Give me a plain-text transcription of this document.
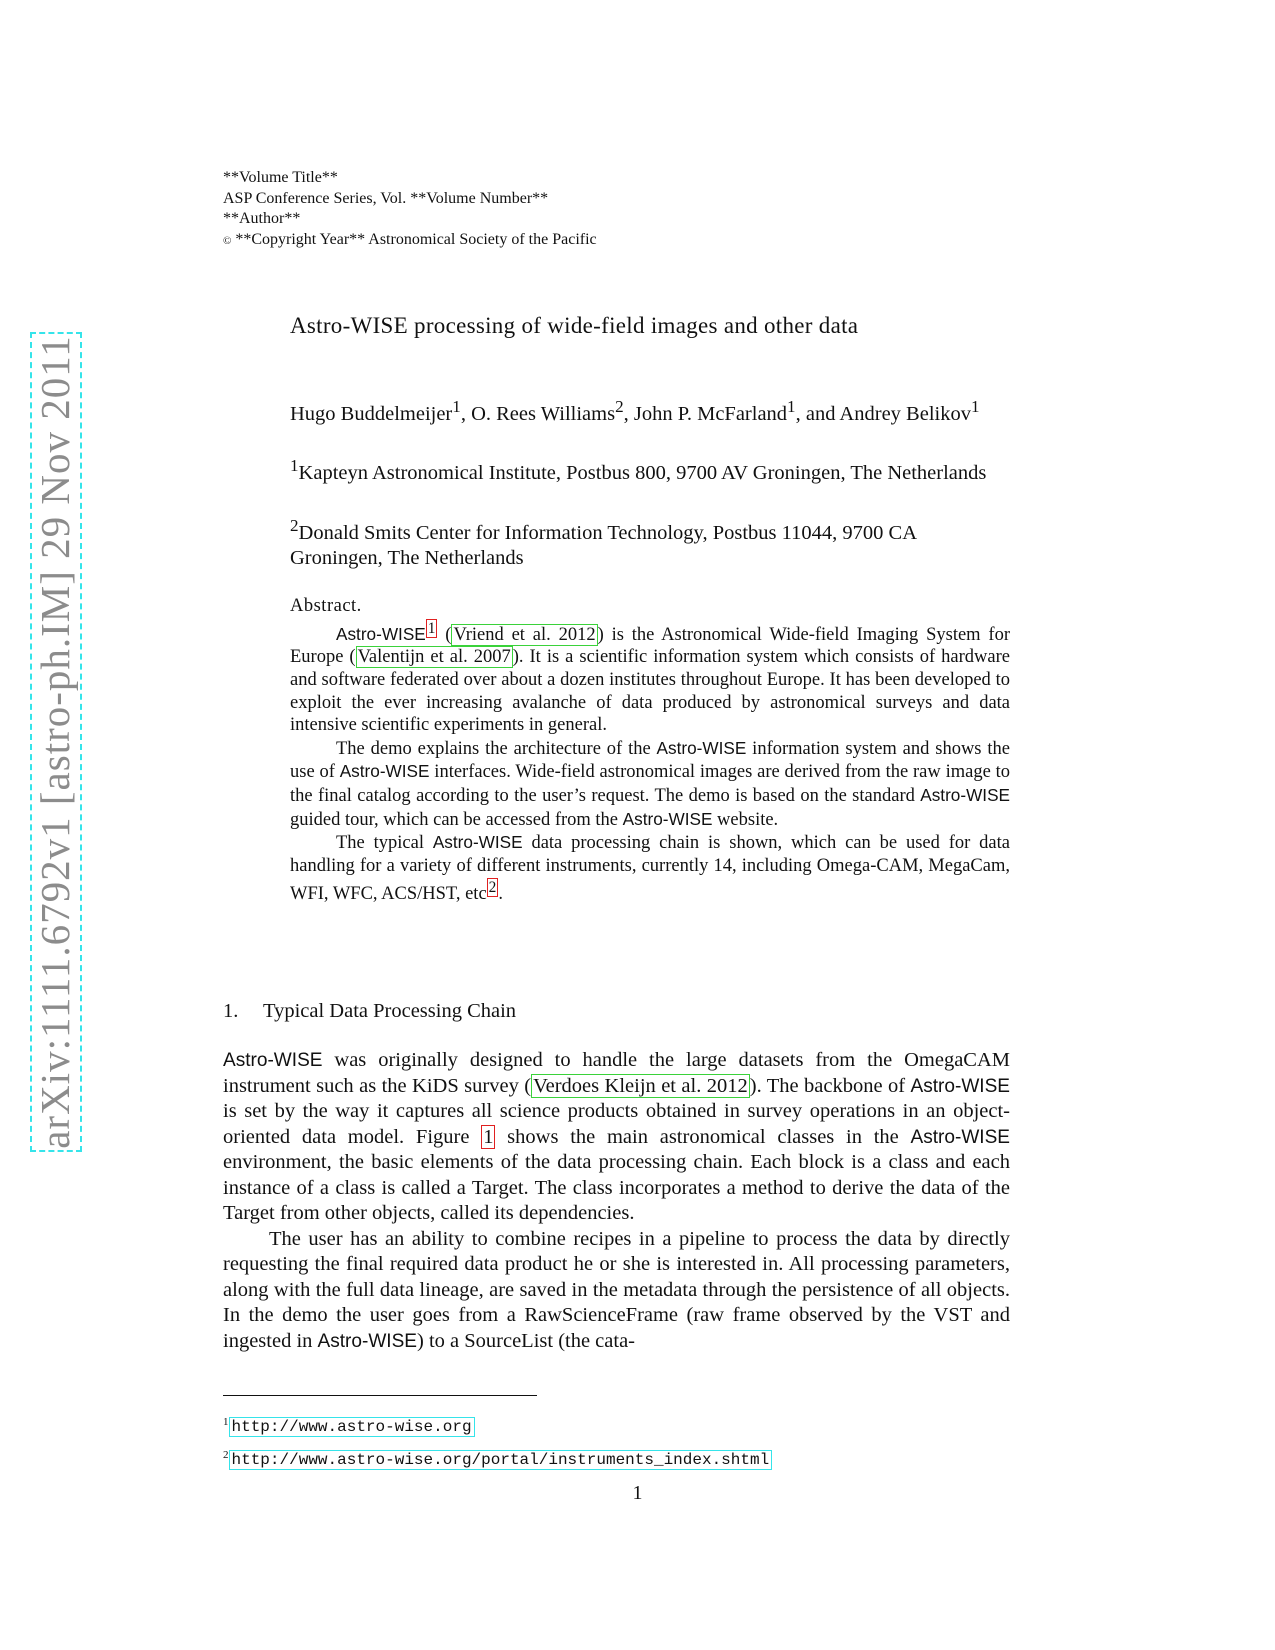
**Volume Title**
ASP Conference Series, Vol. **Volume Number**
**Author**
© **Copyright Year** Astronomical Society of the Pacific
arXiv:1111.6792v1 [astro-ph.IM] 29 Nov 2011
Astro-WISE processing of wide-field images and other data
Hugo Buddelmeijer$^1$, O. Rees Williams$^2$, John P. McFarland$^1$, and Andrey Belikov$^1$
$^1$Kapteyn Astronomical Institute, Postbus 800, 9700 AV Groningen, The Netherlands
$^2$Donald Smits Center for Information Technology, Postbus 11044, 9700 CA Groningen, The Netherlands
Abstract.

Astro-WISE $^1$ ( Vriend et al. 2012 ) is the Astronomical Wide-field Imaging System for Europe ( Valentijn et al. 2007 ). It is a scientific information system which consists of hardware and software federated over about a dozen institutes throughout Europe. It has been developed to exploit the ever increasing avalanche of data produced by astronomical surveys and data intensive scientific experiments in general.

The demo explains the architecture of the Astro-WISE information system and shows the use of Astro-WISE interfaces. Wide-field astronomical images are derived from the raw image to the final catalog according to the user’s request. The demo is based on the standard Astro-WISE guided tour, which can be accessed from the Astro-WISE website.

The typical Astro-WISE data processing chain is shown, which can be used for data handling for a variety of different instruments, currently 14, including Omega-CAM, MegaCam, WFI, WFC, ACS/HST, etc $^2$ .

1. Typical Data Processing Chain

Astro-WISE was originally designed to handle the large datasets from the OmegaCAM instrument such as the KiDS survey (Verdoes Kleijn et al. 2012). The backbone of Astro-WISE is set by the way it captures all science products obtained in survey operations in an object-oriented data model. Figure 1 shows the main astronomical classes in the Astro-WISE environment, the basic elements of the data processing chain. Each block is a class and each instance of a class is called a Target. The class incorporates a method to derive the data of the Target from other objects, called its dependencies.

The user has an ability to combine recipes in a pipeline to process the data by directly requesting the final required data product he or she is interested in. All processing parameters, along with the full data lineage, are saved in the metadata through the persistence of all objects. In the demo the user goes from a RawScienceFrame (raw frame observed by the VST and ingested in Astro-WISE) to a SourceList (the cata-

$^1$ http://www.astro-wise.org
$^2$ http://www.astro-wise.org/portal/instruments_index.shtml
1
